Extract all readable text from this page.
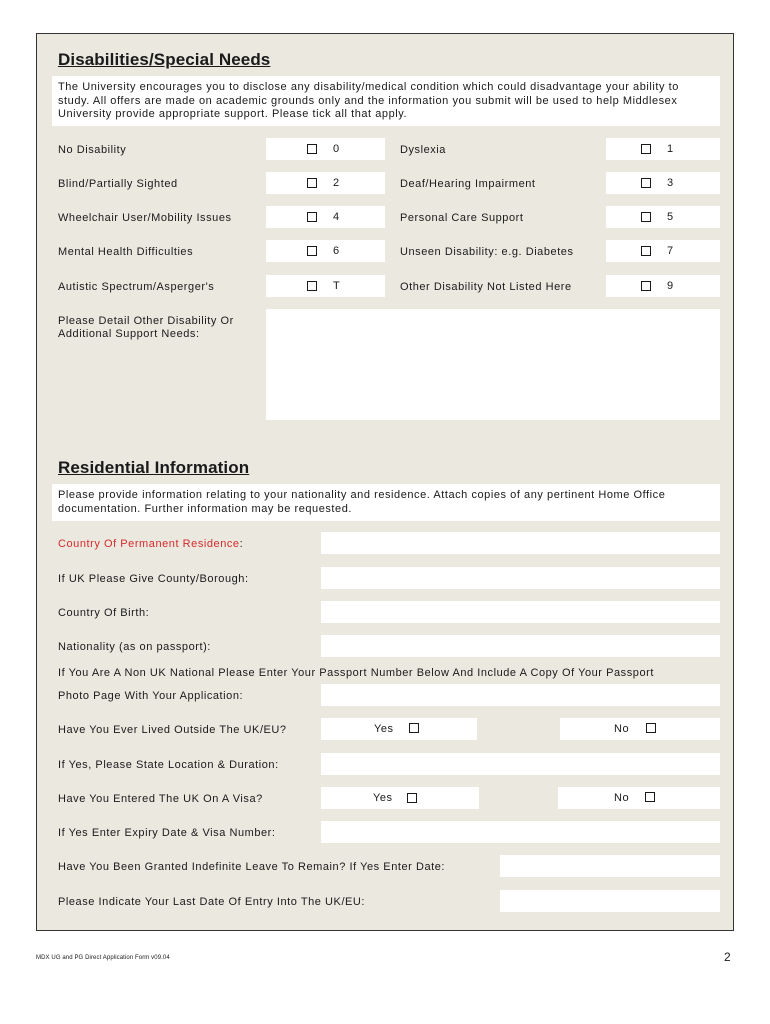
Disabilities/Special Needs
The University encourages you to disclose any disability/medical condition which could disadvantage your ability to study. All offers are made on academic grounds only and the information you submit will be used to help Middlesex University provide appropriate support. Please tick all that apply.
No Disability	0	Dyslexia	1
Blind/Partially Sighted	2	Deaf/Hearing Impairment	3
Wheelchair User/Mobility Issues	4	Personal Care Support	5
Mental Health Difficulties	6	Unseen Disability: e.g. Diabetes	7
Autistic Spectrum/Asperger's	T	Other Disability Not Listed Here	9
Please Detail Other Disability Or
Additional Support Needs:
Residential Information
Please provide information relating to your nationality and residence. Attach copies of any pertinent Home Office documentation. Further information may be requested.
Country Of Permanent Residence:
If UK Please Give County/Borough:
Country Of Birth:
Nationality (as on passport):
If You Are A Non UK National Please Enter Your Passport Number Below And Include A Copy Of Your Passport
Photo Page With Your Application:
Have You Ever Lived Outside The UK/EU?	Yes	No
If Yes, Please State Location & Duration:
Have You Entered The UK On A Visa?	Yes	No
If Yes Enter Expiry Date & Visa Number:
Have You Been Granted Indefinite Leave To Remain? If Yes Enter Date:
Please Indicate Your Last Date Of Entry Into The UK/EU:
MDX UG and PG Direct Application Form v09.04	2
